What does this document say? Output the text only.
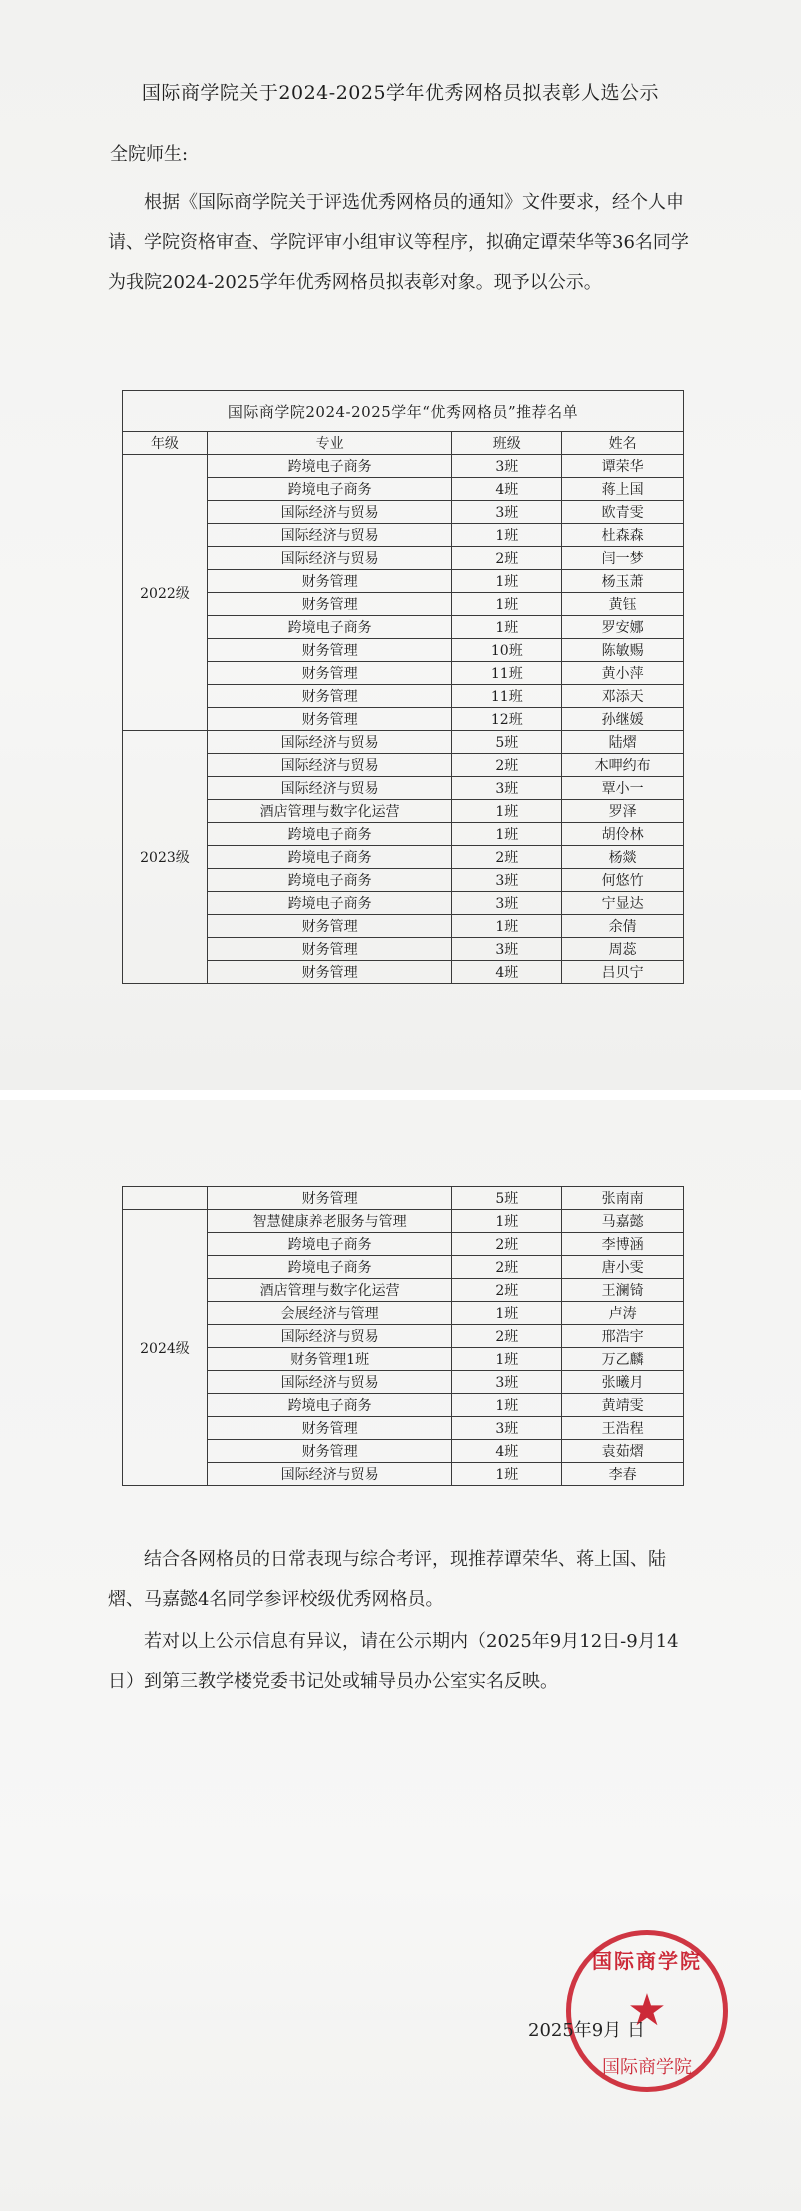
国际商学院关于2024-2025学年优秀网格员拟表彰人选公示
全院师生:
根据《国际商学院关于评选优秀网格员的通知》文件要求，经个人申请、学院资格审查、学院评审小组审议等程序，拟确定谭荣华等36名同学为我院2024-2025学年优秀网格员拟表彰对象。现予以公示。
国际商学院2024-2025学年“优秀网格员”推荐名单			
年级	专业	班级	姓名
2022级	跨境电子商务	3班	谭荣华
	跨境电子商务	4班	蒋上国
	国际经济与贸易	3班	欧青雯
	国际经济与贸易	1班	杜森森
	国际经济与贸易	2班	闫一梦
	财务管理	1班	杨玉萧
	财务管理	1班	黄钰
	跨境电子商务	1班	罗安娜
	财务管理	10班	陈敏赐
	财务管理	11班	黄小萍
	财务管理	11班	邓添天
	财务管理	12班	孙继媛
2023级	国际经济与贸易	5班	陆熠
	国际经济与贸易	2班	木呷约布
	国际经济与贸易	3班	覃小一
	酒店管理与数字化运营	1班	罗泽
	跨境电子商务	1班	胡伶林
	跨境电子商务	2班	杨燚
	跨境电子商务	3班	何悠竹
	跨境电子商务	3班	宁显达
	财务管理	1班	余倩
	财务管理	3班	周蕊
	财务管理	4班	吕贝宁
	财务管理	5班	张南南
2024级	智慧健康养老服务与管理	1班	马嘉懿
	跨境电子商务	2班	李博涵
	跨境电子商务	2班	唐小雯
	酒店管理与数字化运营	2班	王澜锜
	会展经济与管理	1班	卢涛
	国际经济与贸易	2班	邢浩宇
	财务管理1班	1班	万乙麟
	国际经济与贸易	3班	张曦月
	跨境电子商务	1班	黄靖雯
	财务管理	3班	王浩程
	财务管理	4班	袁茹熠
	国际经济与贸易	1班	李春
结合各网格员的日常表现与综合考评，现推荐谭荣华、蒋上国、陆熠、马嘉懿4名同学参评校级优秀网格员。
若对以上公示信息有异议，请在公示期内（2025年9月12日-9月14日）到第三教学楼党委书记处或辅导员办公室实名反映。
国际商学院
★
国际商学院
2025年9月 日
